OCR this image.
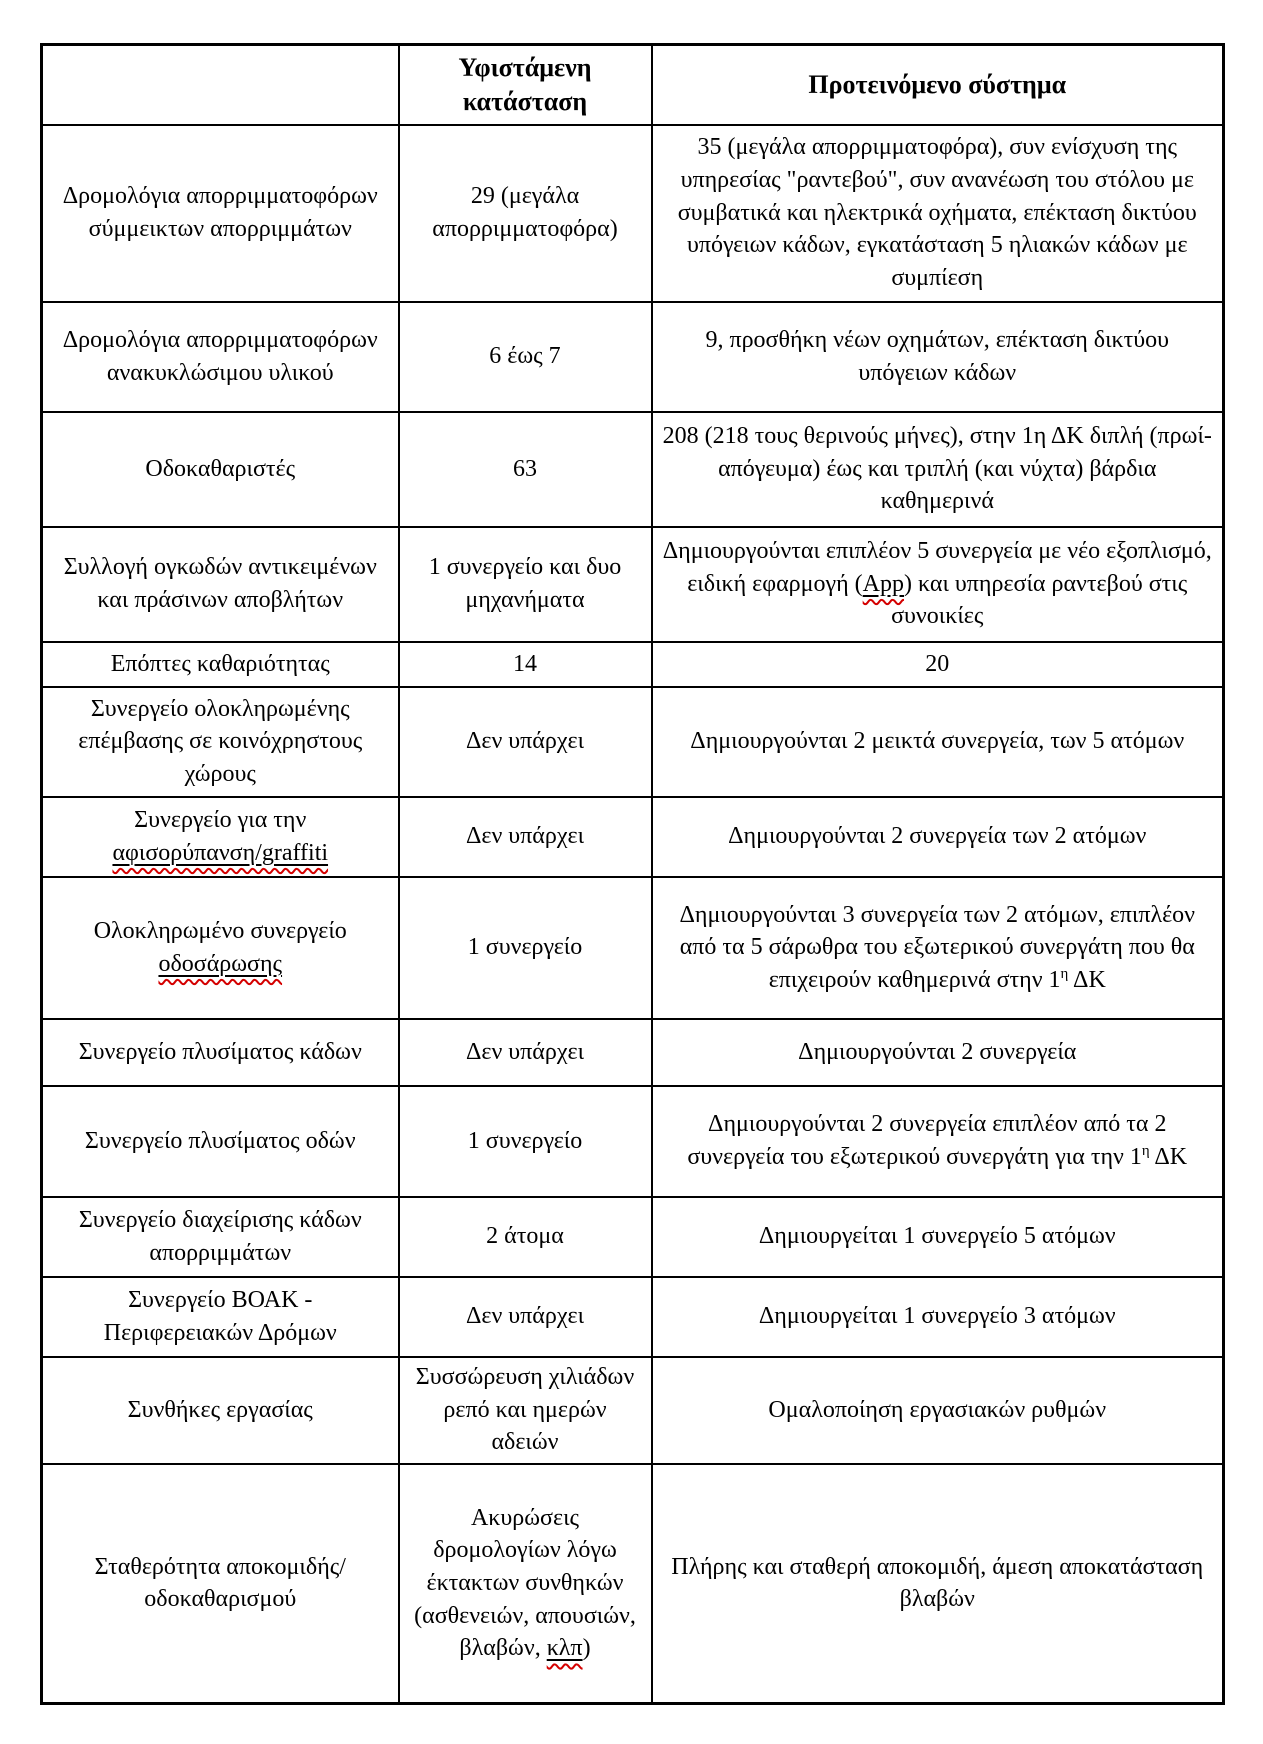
	Υφιστάμενη κατάσταση	Προτεινόμενο σύστημα
Δρομολόγια απορριμματοφόρων σύμμεικτων απορριμμάτων	29 (μεγάλα απορριμματοφόρα)	35 (μεγάλα απορριμματοφόρα), συν ενίσχυση της υπηρεσίας "ραντεβού", συν ανανέωση του στόλου με συμβατικά και ηλεκτρικά οχήματα, επέκταση δικτύου υπόγειων κάδων, εγκατάσταση 5 ηλιακών κάδων με συμπίεση
Δρομολόγια απορριμματοφόρων ανακυκλώσιμου υλικού	6 έως 7	9, προσθήκη νέων οχημάτων, επέκταση δικτύου υπόγειων κάδων
Οδοκαθαριστές	63	208 (218 τους θερινούς μήνες), στην 1η ΔΚ διπλή (πρωί-απόγευμα) έως και τριπλή (και νύχτα) βάρδια καθημερινά
Συλλογή ογκωδών αντικειμένων και πράσινων αποβλήτων	1 συνεργείο και δυο μηχανήματα	Δημιουργούνται επιπλέον 5 συνεργεία με νέο εξοπλισμό, ειδική εφαρμογή (App) και υπηρεσία ραντεβού στις συνοικίες
Επόπτες καθαριότητας	14	20
Συνεργείο ολοκληρωμένης επέμβασης σε κοινόχρηστους χώρους	Δεν υπάρχει	Δημιουργούνται 2 μεικτά συνεργεία, των 5 ατόμων
Συνεργείο για την αφισορύπανση/graffiti	Δεν υπάρχει	Δημιουργούνται 2 συνεργεία των 2 ατόμων
Ολοκληρωμένο συνεργείο οδοσάρωσης	1 συνεργείο	Δημιουργούνται 3 συνεργεία των 2 ατόμων, επιπλέον από τα 5 σάρωθρα του εξωτερικού συνεργάτη που θα επιχειρούν καθημερινά στην $1^\eta$ ΔΚ
Συνεργείο πλυσίματος κάδων	Δεν υπάρχει	Δημιουργούνται 2 συνεργεία
Συνεργείο πλυσίματος οδών	1 συνεργείο	Δημιουργούνται 2 συνεργεία επιπλέον από τα 2 συνεργεία του εξωτερικού συνεργάτη για την $1^\eta$ ΔΚ
Συνεργείο διαχείρισης κάδων απορριμμάτων	2 άτομα	Δημιουργείται 1 συνεργείο 5 ατόμων
Συνεργείο ΒΟΑΚ - Περιφερειακών Δρόμων	Δεν υπάρχει	Δημιουργείται 1 συνεργείο 3 ατόμων
Συνθήκες εργασίας	Συσσώρευση χιλιάδων ρεπό και ημερών αδειών	Ομαλοποίηση εργασιακών ρυθμών
Σταθερότητα αποκομιδής/οδοκαθαρισμού	Ακυρώσεις δρομολογίων λόγω έκτακτων συνθηκών (ασθενειών, απουσιών, βλαβών, κλπ)	Πλήρης και σταθερή αποκομιδή, άμεση αποκατάσταση βλαβών
